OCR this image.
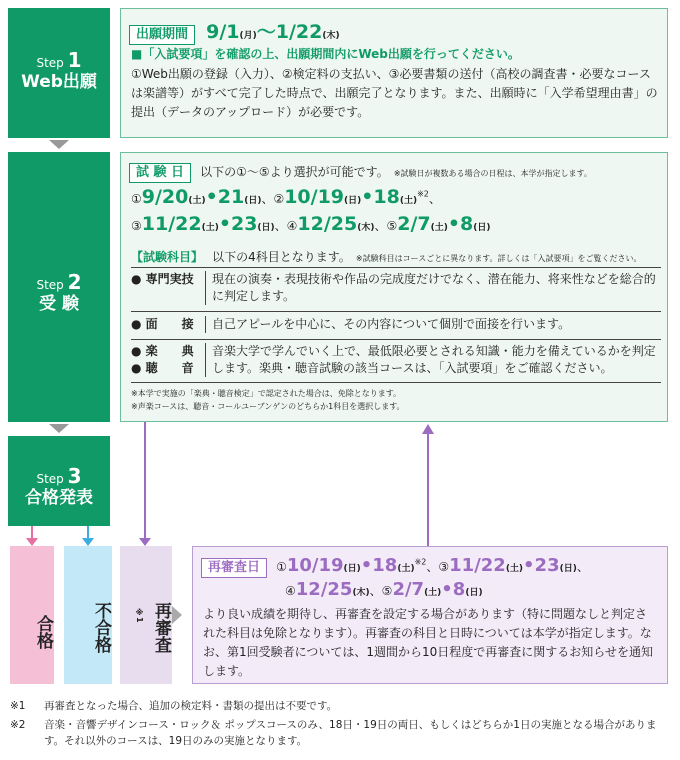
Step 1
Web出願
出願期間 9/1(月)〜1/22(木)
■「入試要項」を確認の上、出願期間内にWeb出願を行ってください。
①Web出願の登録（入力）、②検定料の支払い、③必要書類の送付（高校の調査書・必要なコースは楽譜等）がすべて完了した時点で、出願完了となります。また、出願時に「入学希望理由書」の提出（データのアップロード）が必要です。
Step 2
受 験
試 験 日 以下の①〜⑤より選択が可能です。 ※試験日が複数ある場合の日程は、本学が指定します。
①9/20(土)•21(日)、②10/19(日)•18(土)$^{※2}$、
③11/22(土)•23(日)、④12/25(木)、⑤2/7(土)•8(日)
【試験科目】 以下の4科目となります。 ※試験科目はコースごとに異なります。詳しくは「入試要項」をご覧ください。
● 専門実技	現在の演奏・表現技術や作品の完成度だけでなく、潜在能力、将来性などを総合的に判定します。
● 面　　接	自己アピールを中心に、その内容について個別で面接を行います。
● 楽　　典
● 聴　　音
音楽大学で学んでいく上で、最低限必要とされる知識・能力を備えているかを判定します。楽典・聴音試験の該当コースは、「入試要項」をご確認ください。
※本学で実施の「楽典・聴音検定」で認定された場合は、免除となります。
※声楽コースは、聴音・コールユーブンゲンのどちらか1科目を選択します。
Step 3
合格発表
合格 不合格 再審査
※1
再審査日 ①10/19(日)•18(土)$^{※2}$、③11/22(土)•23(日)、
④12/25(木)、⑤2/7(土)•8(日)
より良い成績を期待し、再審査を設定する場合があります（特に問題なしと判定された科目は免除となります）。再審査の科目と日時については本学が指定します。なお、第1回受験者については、1週間から10日程度で再審査に関するお知らせを通知します。
※1	再審査となった場合、追加の検定料・書類の提出は不要です。
※2	音楽・音響デザインコース・ロック＆ ポップスコースのみ、18日・19日の両日、もしくはどちらか1日の実施となる場合があります。それ以外のコースは、19日のみの実施となります。
